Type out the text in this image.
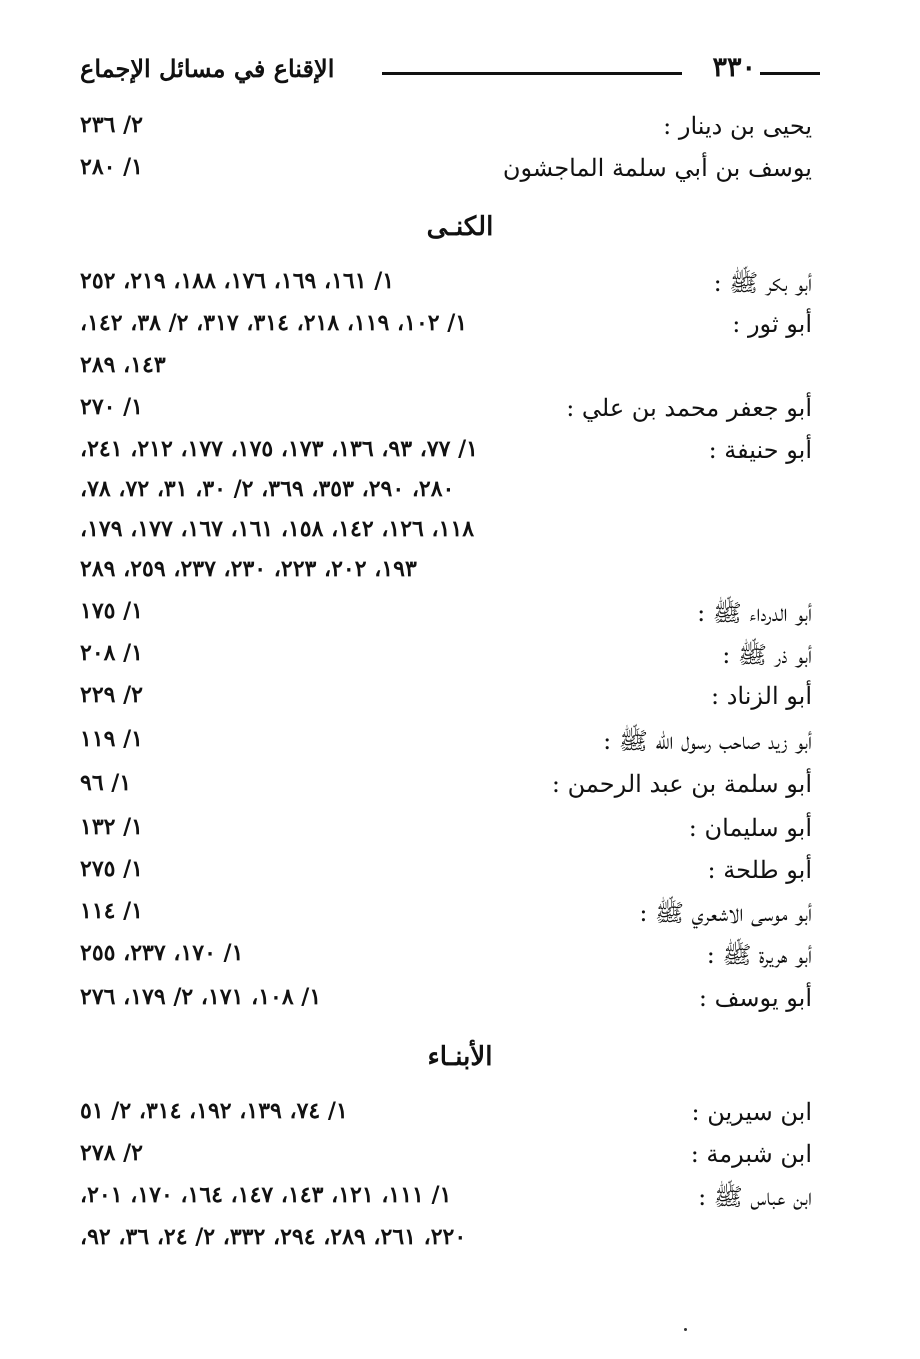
٣٣٠
الإقناع في مسائل الإجماع
يحيى بن دينار :
٢/ ٢٣٦
يوسف بن أبي سلمة الماجشون
١/ ٢٨٠
الكنـى
أبو بكر ﷺ :
١/ ١٦١، ١٦٩، ١٧٦، ١٨٨، ٢١٩، ٢٥٢
أبو ثور :
١/ ١٠٢، ١١٩، ٢١٨، ٣١٤، ٣١٧، ٢/ ٣٨، ١٤٢،
١٤٣، ٢٨٩
أبو جعفر محمد بن علي :
١/ ٢٧٠
أبو حنيفة :
١/ ٧٧، ٩٣، ١٣٦، ١٧٣، ١٧٥، ١٧٧، ٢١٢، ٢٤١،
٢٨٠، ٢٩٠، ٣٥٣، ٣٦٩، ٢/ ٣٠، ٣١، ٧٢، ٧٨،
١١٨، ١٢٦، ١٤٢، ١٥٨، ١٦١، ١٦٧، ١٧٧، ١٧٩،
١٩٣، ٢٠٢، ٢٢٣، ٢٣٠، ٢٣٧، ٢٥٩، ٢٨٩
أبو الدرداء ﷺ :
١/ ١٧٥
أبو ذر ﷺ :
١/ ٢٠٨
أبو الزناد :
٢/ ٢٢٩
أبو زيد صاحب رسول الله ﷺ :
١/ ١١٩
أبو سلمة بن عبد الرحمن :
١/ ٩٦
أبو سليمان :
١/ ١٣٢
أبو طلحة :
١/ ٢٧٥
أبو موسى الاشعري ﷺ :
١/ ١١٤
أبو هريرة ﷺ :
١/ ١٧٠، ٢٣٧، ٢٥٥
أبو يوسف :
١/ ١٠٨، ١٧١، ٢/ ١٧٩، ٢٧٦
الأبنـاء
ابن سيرين :
١/ ٧٤، ١٣٩، ١٩٢، ٣١٤، ٢/ ٥١
ابن شبرمة :
٢/ ٢٧٨
ابن عباس ﷺ :
١/ ١١١، ١٢١، ١٤٣، ١٤٧، ١٦٤، ١٧٠، ٢٠١،
٢٢٠، ٢٦١، ٢٨٩، ٢٩٤، ٣٣٢، ٢/ ٢٤، ٣٦، ٩٢،
